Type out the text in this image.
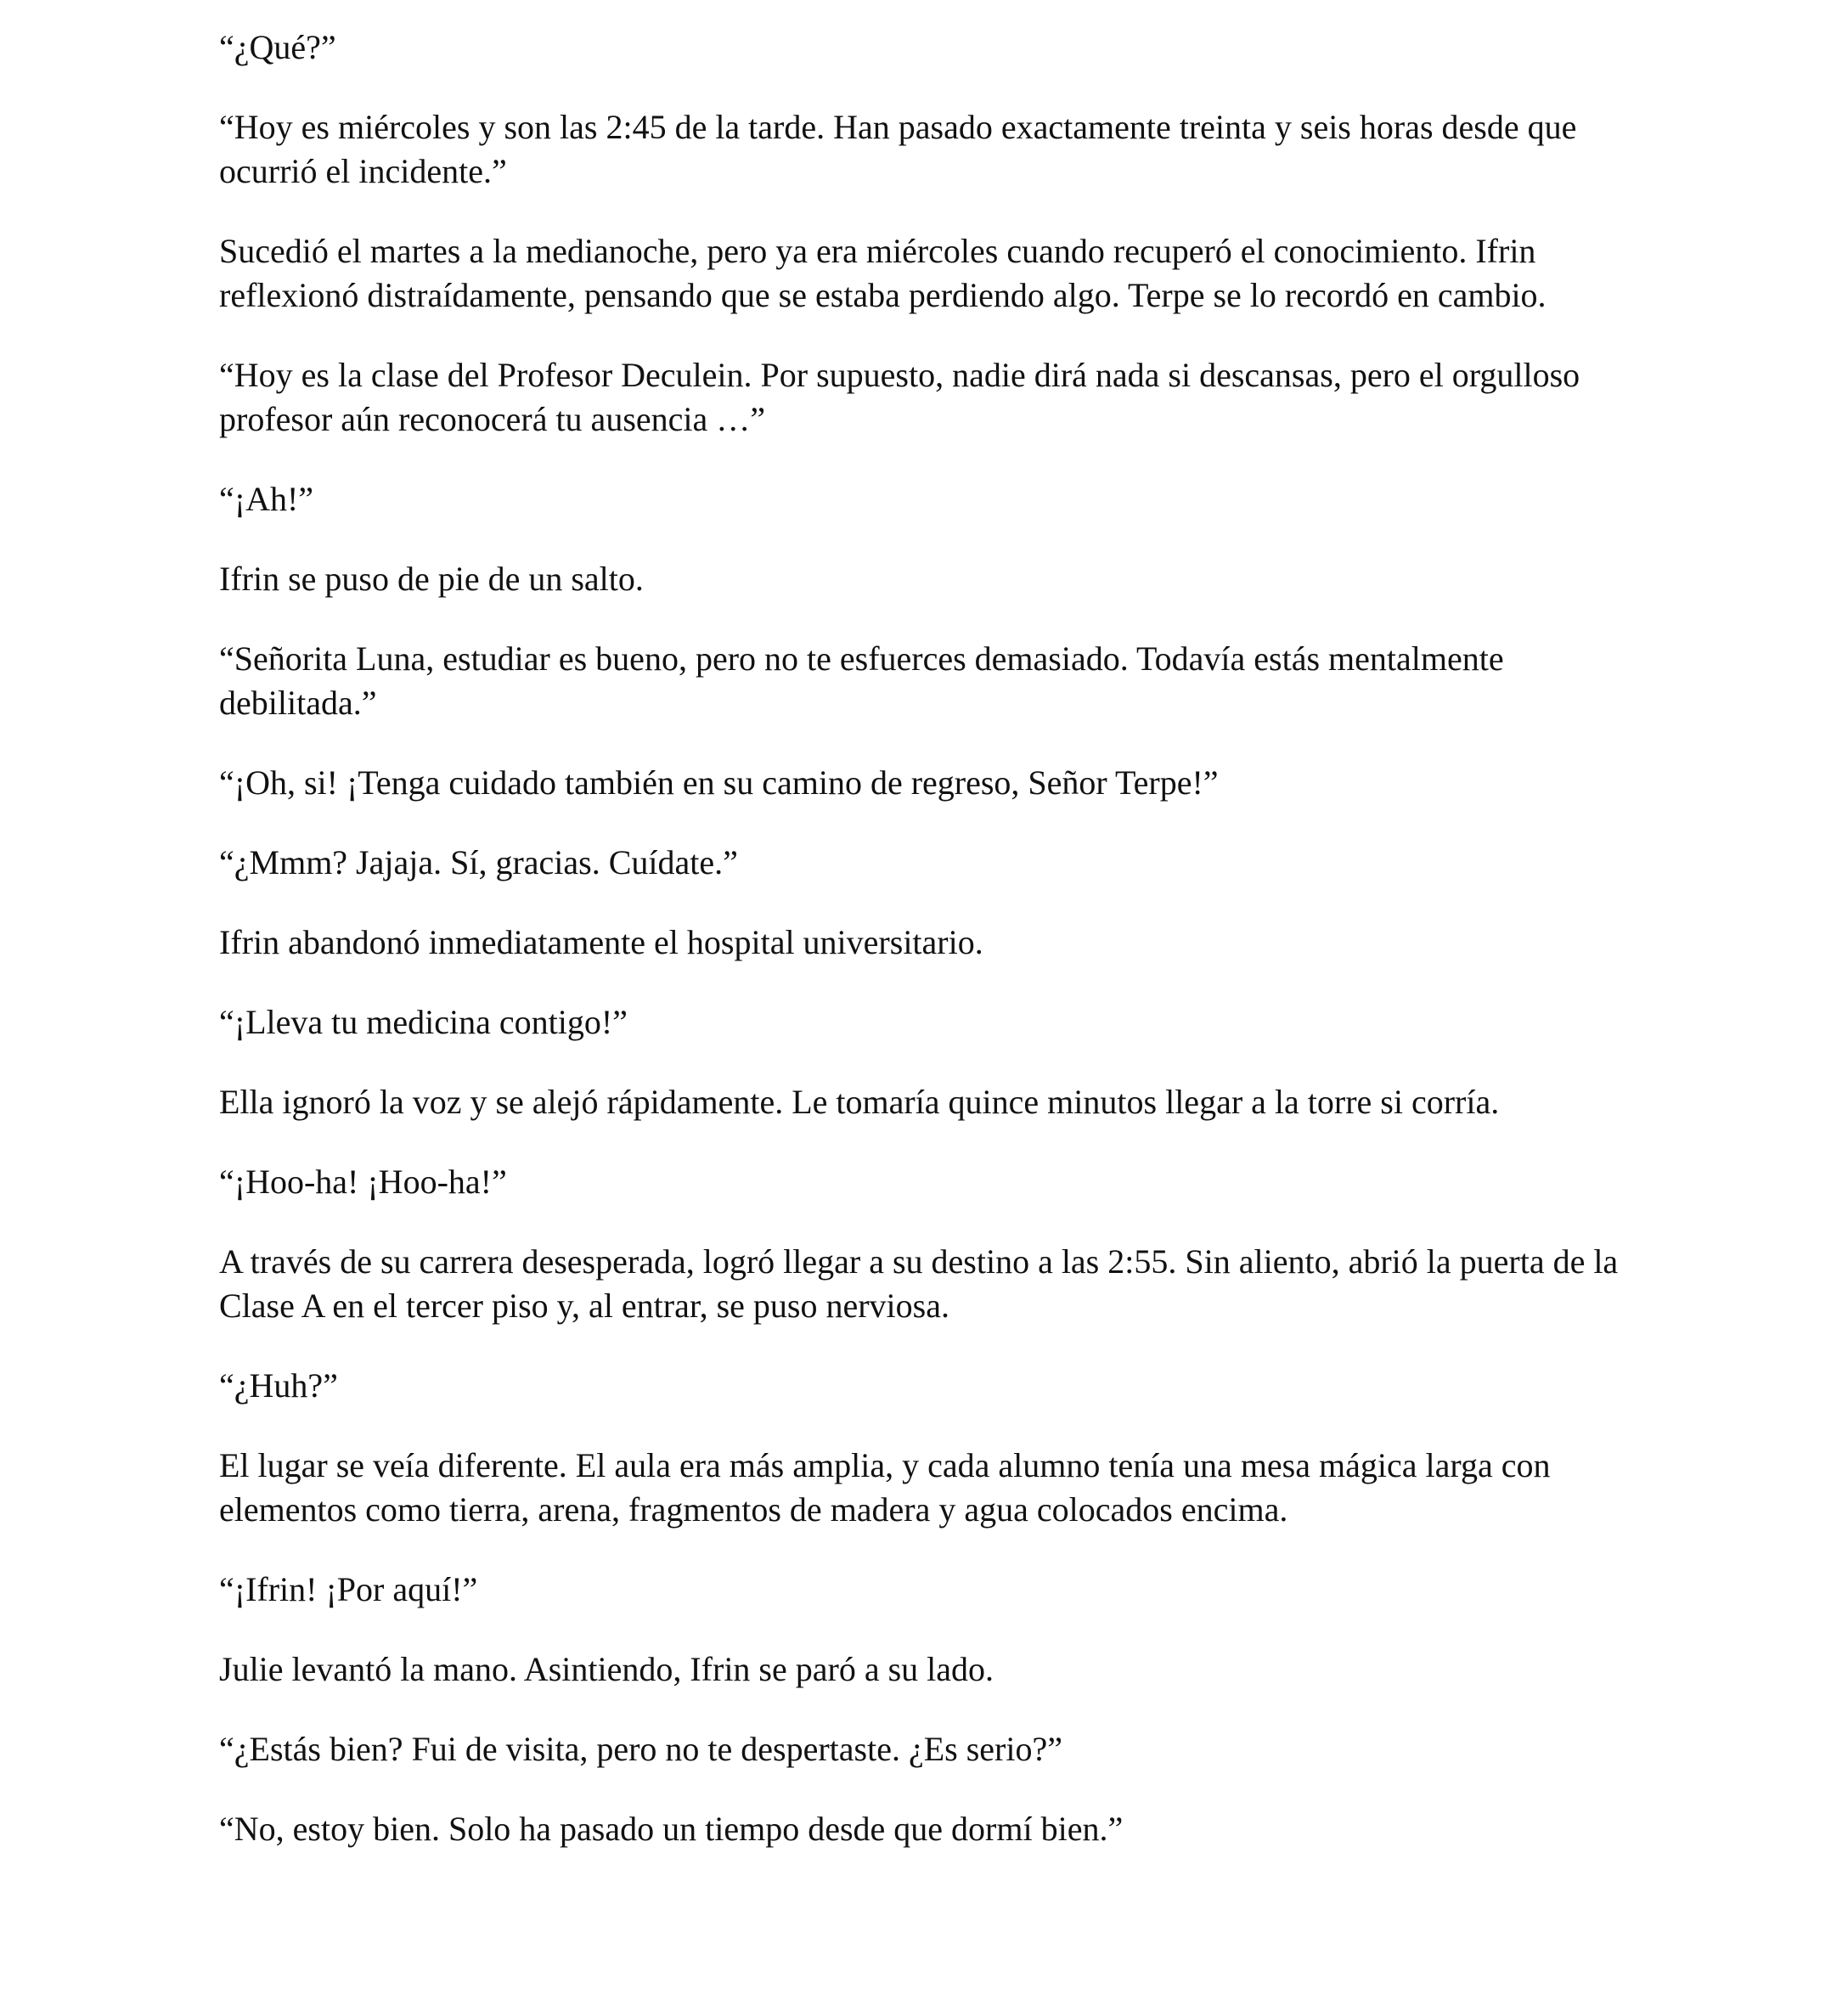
“¿Qué?”

“Hoy es miércoles y son las 2:45 de la tarde. Han pasado exactamente treinta y seis horas desde que ocurrió el incidente.”

Sucedió el martes a la medianoche, pero ya era miércoles cuando recuperó el conocimiento. Ifrin reflexionó distraídamente, pensando que se estaba perdiendo algo. Terpe se lo recordó en cambio.

“Hoy es la clase del Profesor Deculein. Por supuesto, nadie dirá nada si descansas, pero el orgulloso profesor aún reconocerá tu ausencia …”

“¡Ah!”

Ifrin se puso de pie de un salto.

“Señorita Luna, estudiar es bueno, pero no te esfuerces demasiado. Todavía estás mentalmente debilitada.”

“¡Oh, si! ¡Tenga cuidado también en su camino de regreso, Señor Terpe!”

“¿Mmm? Jajaja. Sí, gracias. Cuídate.”

Ifrin abandonó inmediatamente el hospital universitario.

“¡Lleva tu medicina contigo!”

Ella ignoró la voz y se alejó rápidamente. Le tomaría quince minutos llegar a la torre si corría.

“¡Hoo-ha! ¡Hoo-ha!”

A través de su carrera desesperada, logró llegar a su destino a las 2:55. Sin aliento, abrió la puerta de la Clase A en el tercer piso y, al entrar, se puso nerviosa.

“¿Huh?”

El lugar se veía diferente. El aula era más amplia, y cada alumno tenía una mesa mágica larga con elementos como tierra, arena, fragmentos de madera y agua colocados encima.

“¡Ifrin! ¡Por aquí!”

Julie levantó la mano. Asintiendo, Ifrin se paró a su lado.

“¿Estás bien? Fui de visita, pero no te despertaste. ¿Es serio?”

“No, estoy bien. Solo ha pasado un tiempo desde que dormí bien.”
